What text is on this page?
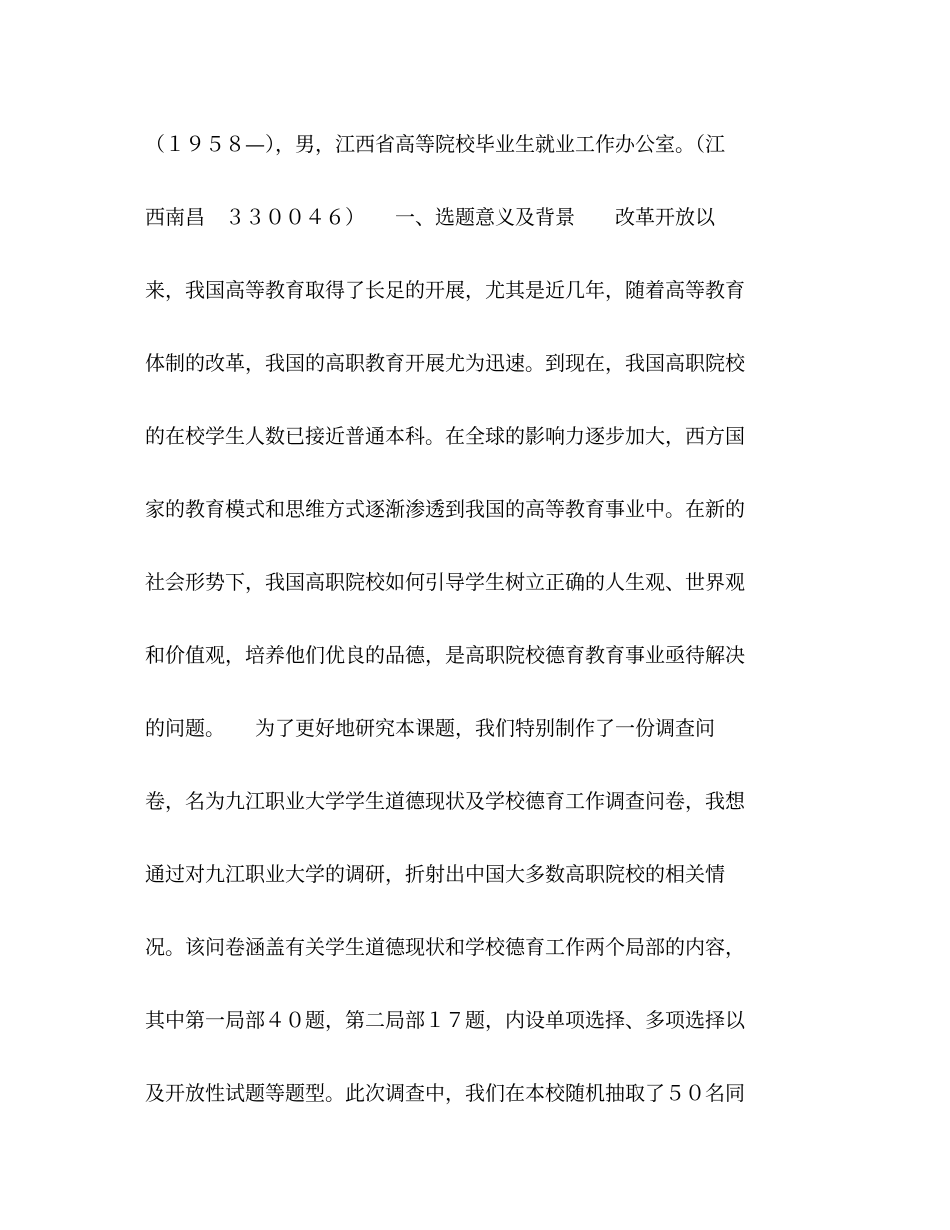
（１９５８—），男，江西省高等院校毕业生就业工作办公室。（江
西南昌　３３００４６）　　一、选题意义及背景　　改革开放以
来，我国高等教育取得了长足的开展，尤其是近几年，随着高等教育
体制的改革，我国的高职教育开展尤为迅速。到现在，我国高职院校
的在校学生人数已接近普通本科。在全球的影响力逐步加大，西方国
家的教育模式和思维方式逐渐渗透到我国的高等教育事业中。在新的
社会形势下，我国高职院校如何引导学生树立正确的人生观、世界观
和价值观，培养他们优良的品德，是高职院校德育教育事业亟待解决
的问题。　　为了更好地研究本课题，我们特别制作了一份调查问
卷，名为九江职业大学学生道德现状及学校德育工作调查问卷，我想
通过对九江职业大学的调研，折射出中国大多数高职院校的相关情
况。该问卷涵盖有关学生道德现状和学校德育工作两个局部的内容，
其中第一局部４０题，第二局部１７题，内设单项选择、多项选择以
及开放性试题等题型。此次调查中，我们在本校随机抽取了５０名同
